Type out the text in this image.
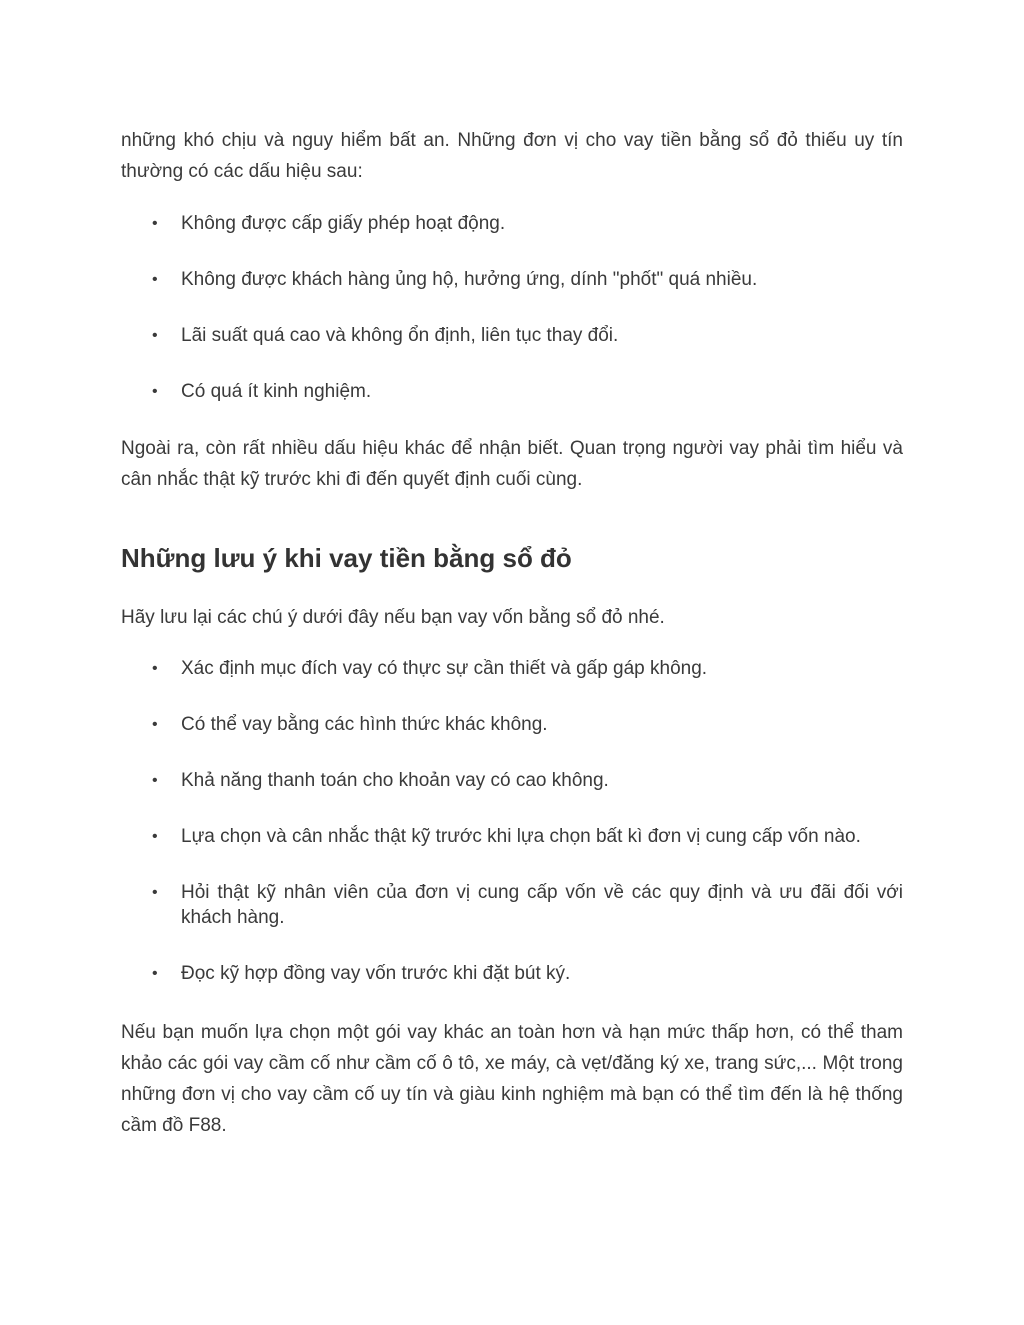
những khó chịu và nguy hiểm bất an. Những đơn vị cho vay tiền bằng sổ đỏ thiếu uy tín thường có các dấu hiệu sau:

• Không được cấp giấy phép hoạt động.
• Không được khách hàng ủng hộ, hưởng ứng, dính "phốt" quá nhiều.
• Lãi suất quá cao và không ổn định, liên tục thay đổi.
• Có quá ít kinh nghiệm.

Ngoài ra, còn rất nhiều dấu hiệu khác để nhận biết. Quan trọng người vay phải tìm hiểu và cân nhắc thật kỹ trước khi đi đến quyết định cuối cùng.

Những lưu ý khi vay tiền bằng sổ đỏ

Hãy lưu lại các chú ý dưới đây nếu bạn vay vốn bằng sổ đỏ nhé.

• Xác định mục đích vay có thực sự cần thiết và gấp gáp không.
• Có thể vay bằng các hình thức khác không.
• Khả năng thanh toán cho khoản vay có cao không.
• Lựa chọn và cân nhắc thật kỹ trước khi lựa chọn bất kì đơn vị cung cấp vốn nào.
• Hỏi thật kỹ nhân viên của đơn vị cung cấp vốn về các quy định và ưu đãi đối với khách hàng.
• Đọc kỹ hợp đồng vay vốn trước khi đặt bút ký.

Nếu bạn muốn lựa chọn một gói vay khác an toàn hơn và hạn mức thấp hơn, có thể tham khảo các gói vay cầm cố như cầm cố ô tô, xe máy, cà vẹt/đăng ký xe, trang sức,... Một trong những đơn vị cho vay cầm cố uy tín và giàu kinh nghiệm mà bạn có thể tìm đến là hệ thống cầm đồ F88.
